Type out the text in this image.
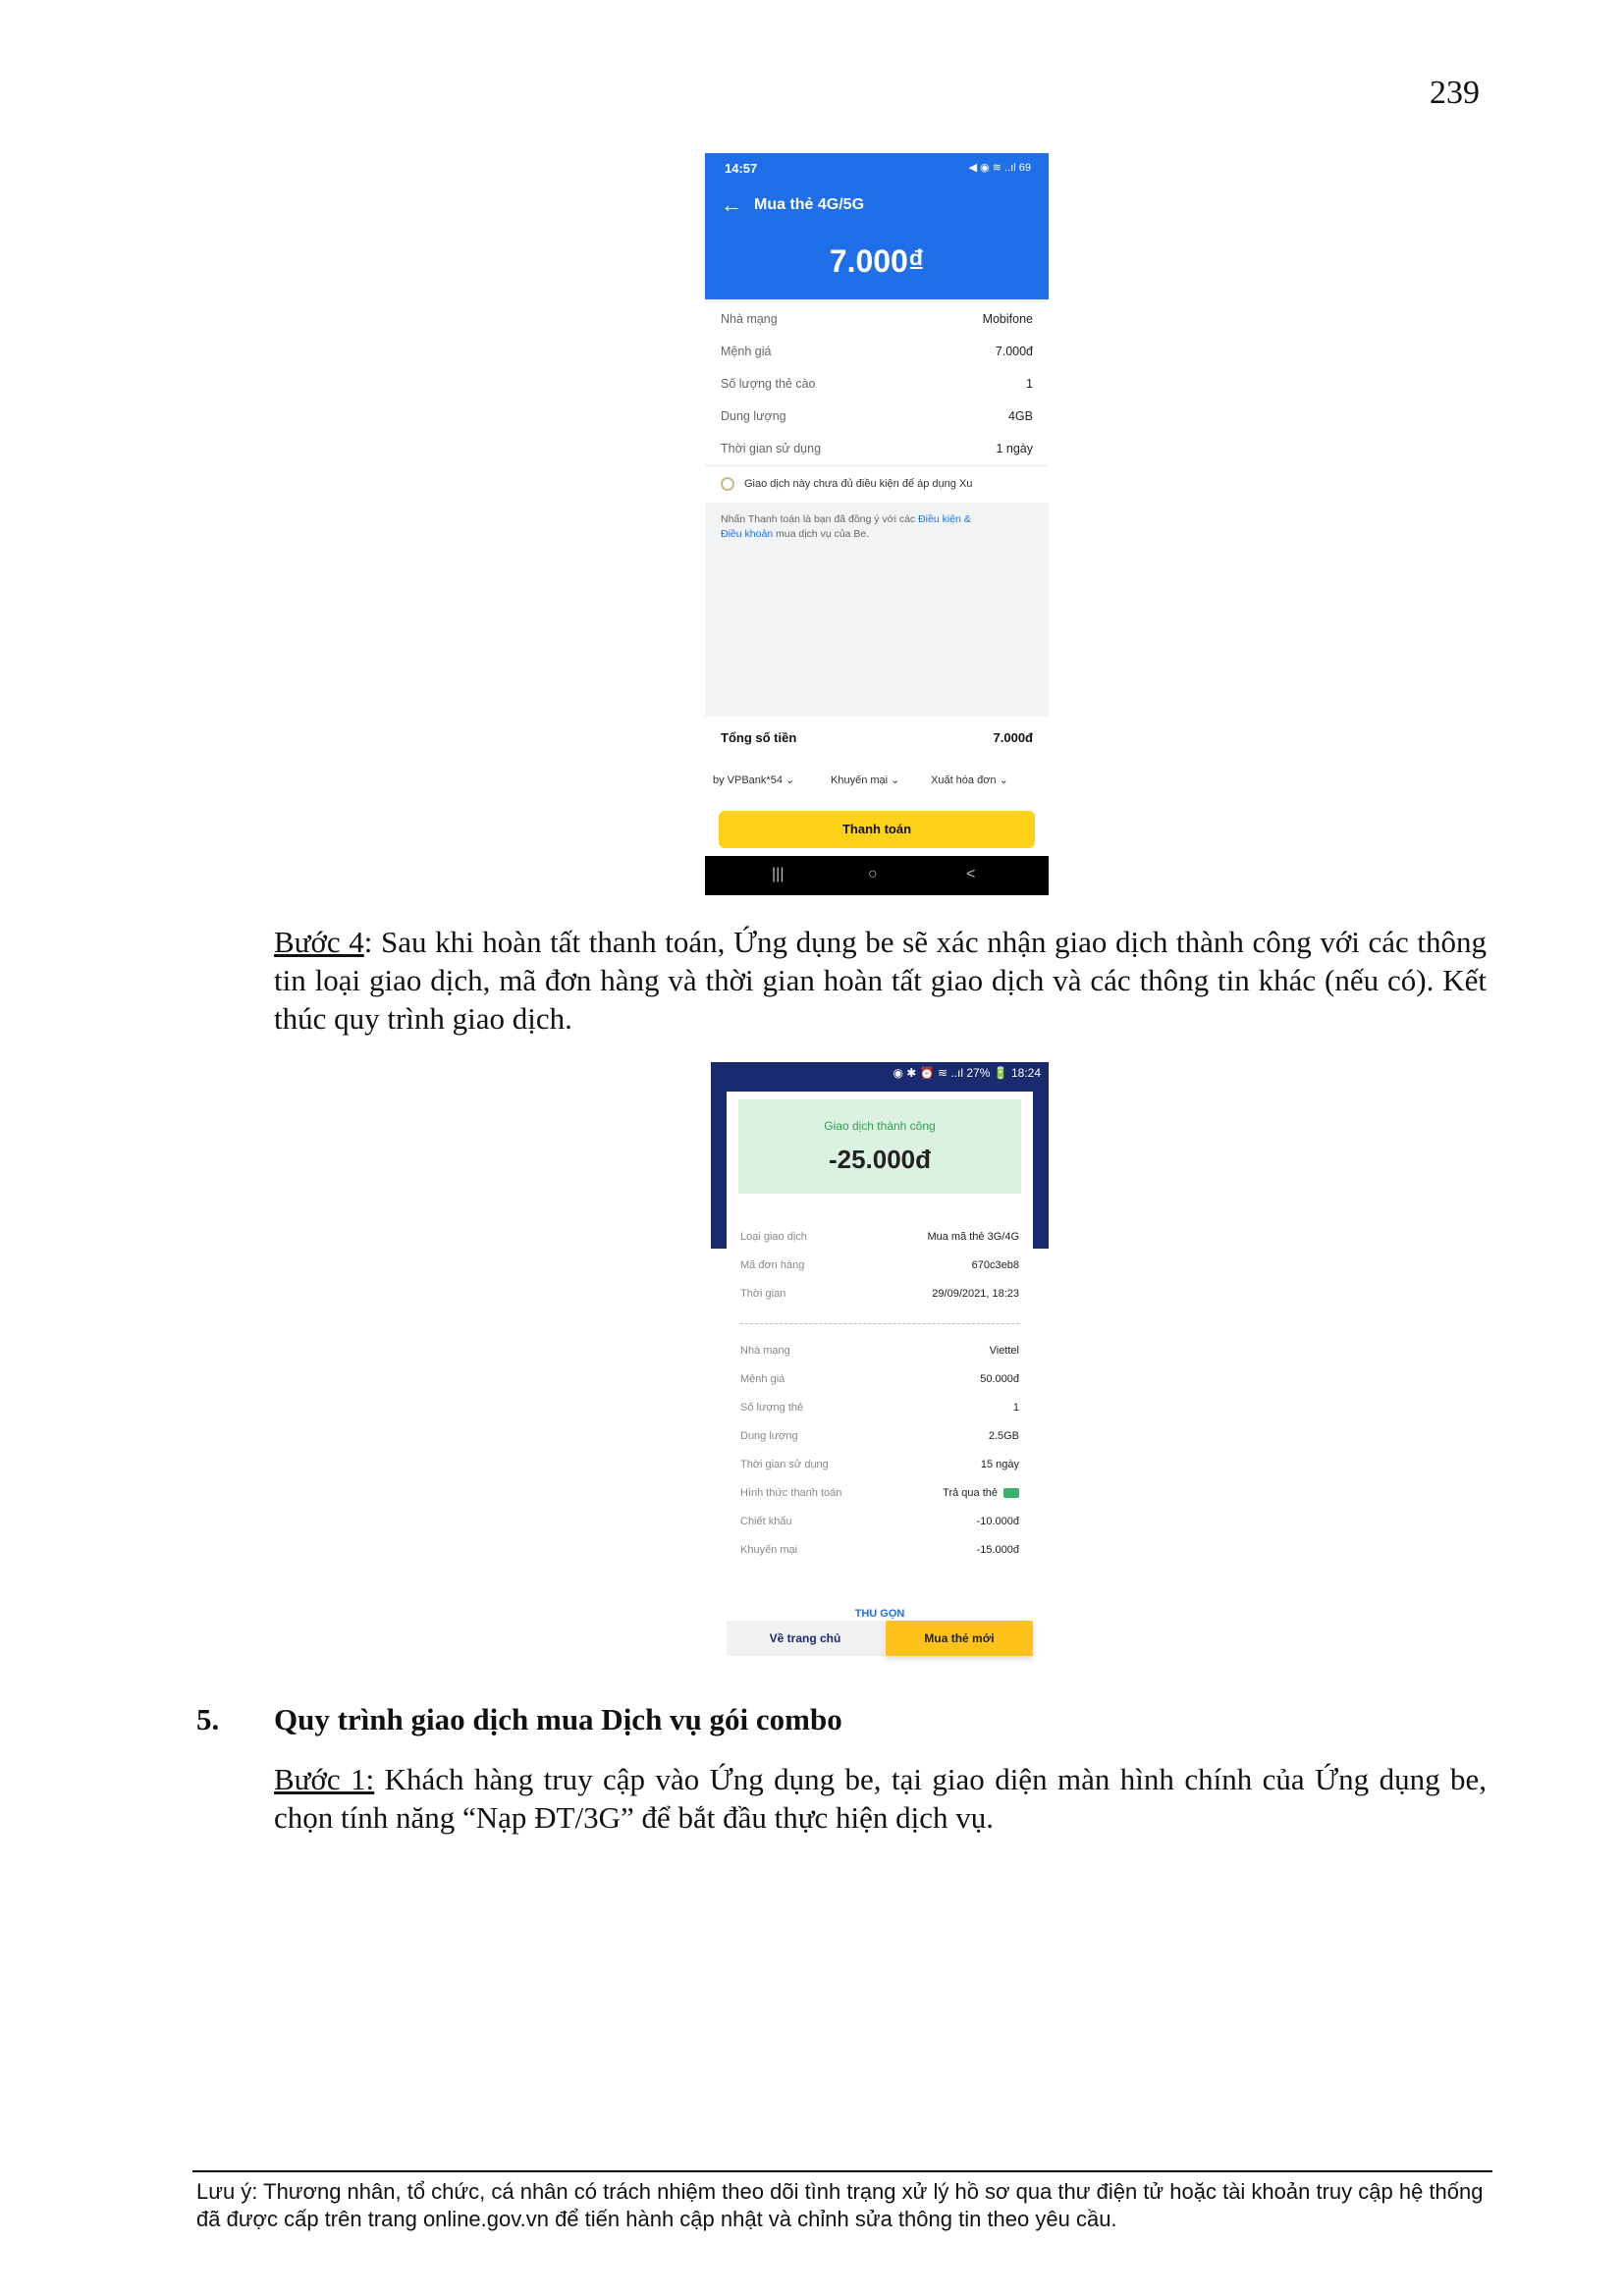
239
14:57	◀ ◉ ≋ ..ıl 69
← Mua thẻ 4G/5G
7.000₫
Nhà mạng	Mobifone
Mệnh giá	7.000đ
Số lượng thẻ cào	1
Dung lượng	4GB
Thời gian sử dụng	1 ngày
Giao dịch này chưa đủ điều kiện để áp dụng Xu
Nhấn Thanh toán là bạn đã đồng ý với các Điều kiện &
Điều khoản mua dịch vụ của Be.
Tổng số tiền	7.000đ
by VPBank*54 ⌄	Khuyến mại ⌄	Xuất hóa đơn ⌄
Thanh toán
|||	○	<
Bước 4: Sau khi hoàn tất thanh toán, Ứng dụng be sẽ xác nhận giao dịch thành công với các thông tin loại giao dịch, mã đơn hàng và thời gian hoàn tất giao dịch và các thông tin khác (nếu có). Kết thúc quy trình giao dịch.
◉ ✱ ⏰ ≋ ..ıl 27% 🔋 18:24
Giao dịch thành công
-25.000đ
Loại giao dịch	Mua mã thẻ 3G/4G
Mã đơn hàng	670c3eb8
Thời gian	29/09/2021, 18:23
Nhà mạng	Viettel
Mệnh giá	50.000đ
Số lượng thẻ	1
Dung lượng	2.5GB
Thời gian sử dụng	15 ngày
Hình thức thanh toán	Trả qua thẻ
Chiết khấu	-10.000đ
Khuyến mại	-15.000đ
THU GỌN
Về trang chủ	Mua thẻ mới
5. Quy trình giao dịch mua Dịch vụ gói combo
Bước 1: Khách hàng truy cập vào Ứng dụng be, tại giao diện màn hình chính của Ứng dụng be, chọn tính năng “Nạp ĐT/3G” để bắt đầu thực hiện dịch vụ.
Lưu ý: Thương nhân, tổ chức, cá nhân có trách nhiệm theo dõi tình trạng xử lý hồ sơ qua thư điện tử hoặc tài khoản truy cập hệ thống đã được cấp trên trang online.gov.vn để tiến hành cập nhật và chỉnh sửa thông tin theo yêu cầu.
